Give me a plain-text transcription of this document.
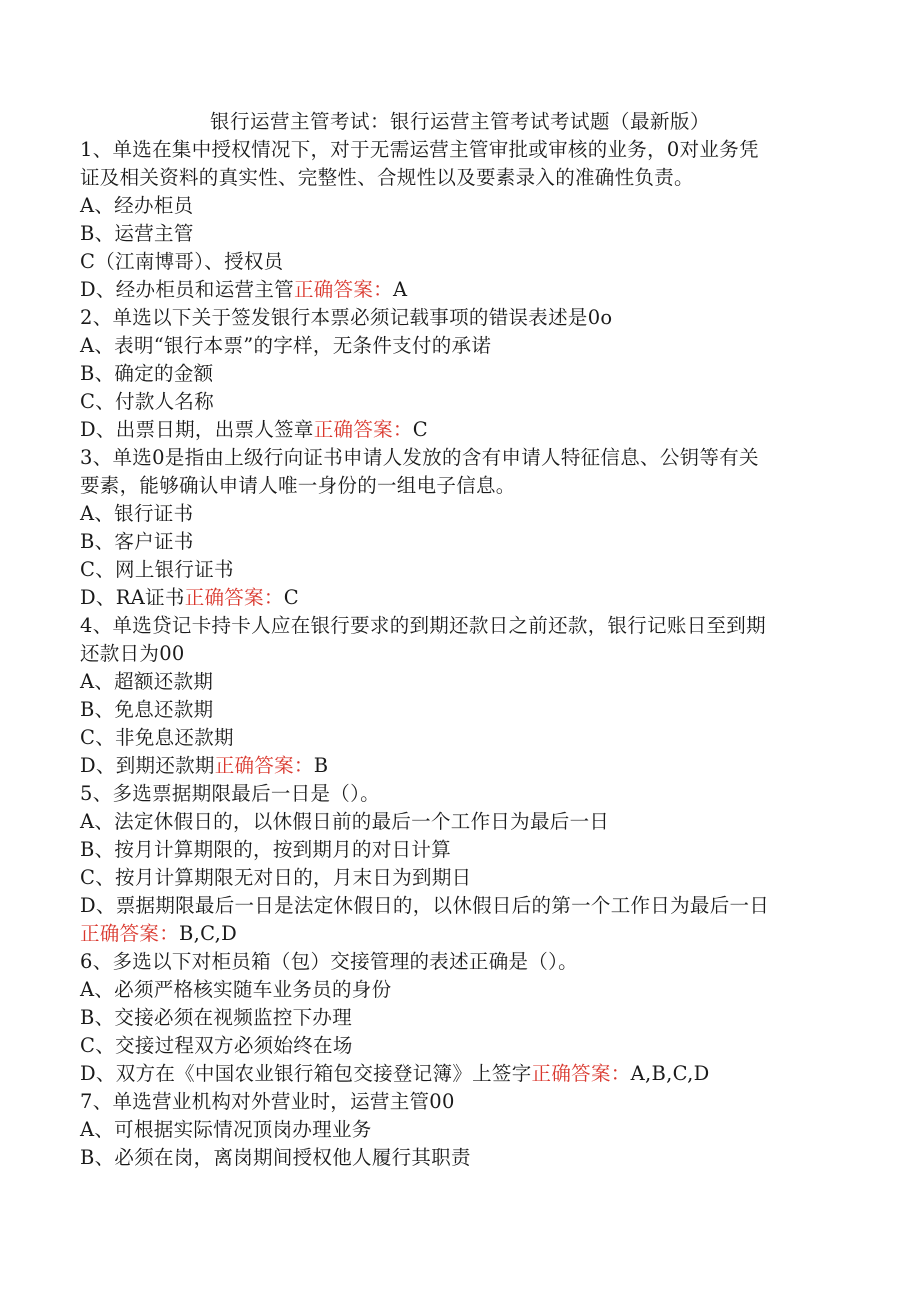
银行运营主管考试：银行运营主管考试考试题（最新版）
1、单选在集中授权情况下，对于无需运营主管审批或审核的业务，0对业务凭
证及相关资料的真实性、完整性、合规性以及要素录入的准确性负责。
A、经办柜员
B、运营主管
C（江南博哥）、授权员
D、经办柜员和运营主管正确答案：A
2、单选以下关于签发银行本票必须记载事项的错误表述是0o
A、表明“银行本票”的字样，无条件支付的承诺
B、确定的金额
C、付款人名称
D、出票日期，出票人签章正确答案：C
3、单选0是指由上级行向证书申请人发放的含有申请人特征信息、公钥等有关
要素，能够确认申请人唯一身份的一组电子信息。
A、银行证书
B、客户证书
C、网上银行证书
D、RA证书正确答案：C
4、单选贷记卡持卡人应在银行要求的到期还款日之前还款，银行记账日至到期
还款日为00
A、超额还款期
B、免息还款期
C、非免息还款期
D、到期还款期正确答案：B
5、多选票据期限最后一日是（）。
A、法定休假日的，以休假日前的最后一个工作日为最后一日
B、按月计算期限的，按到期月的对日计算
C、按月计算期限无对日的，月末日为到期日
D、票据期限最后一日是法定休假日的，以休假日后的第一个工作日为最后一日
正确答案：B,C,D
6、多选以下对柜员箱（包）交接管理的表述正确是（）。
A、必须严格核实随车业务员的身份
B、交接必须在视频监控下办理
C、交接过程双方必须始终在场
D、双方在《中国农业银行箱包交接登记簿》上签字正确答案：A,B,C,D
7、单选营业机构对外营业时，运营主管00
A、可根据实际情况顶岗办理业务
B、必须在岗，离岗期间授权他人履行其职责
